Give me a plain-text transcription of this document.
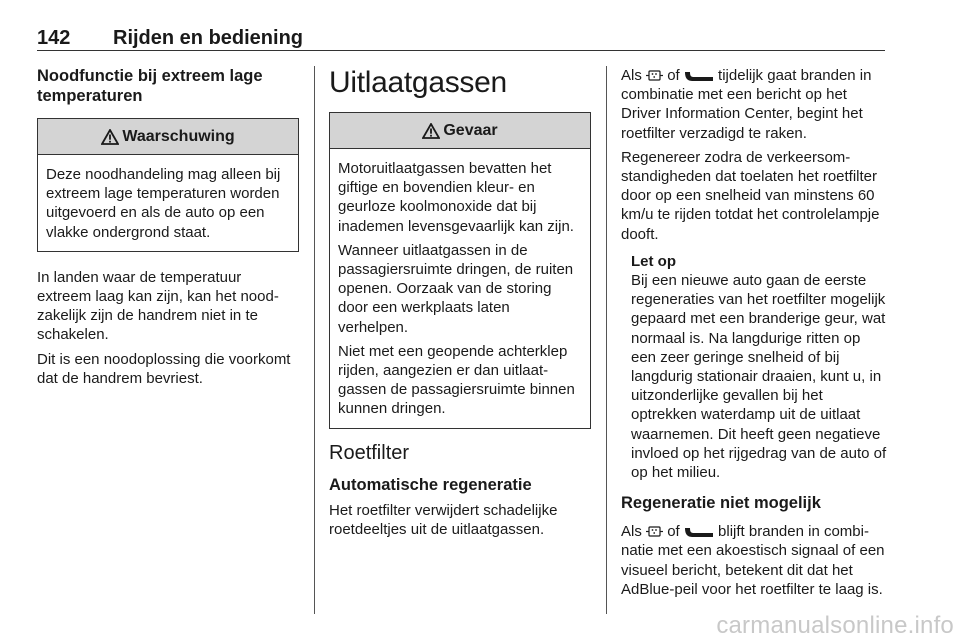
142 Rijden en bediening
Noodfunctie bij extreem lage temperaturen
Waarschuwing

Deze noodhandeling mag alleen bij extreem lage temperaturen worden uitgevoerd en als de auto op een vlakke ondergrond staat.

In landen waar de temperatuur extreem laag kan zijn, kan het noodzakelijk zijn de handrem niet in te schakelen.

Dit is een noodoplossing die voorkomt dat de handrem bevriest.

Uitlaatgassen
Gevaar

Motoruitlaatgassen bevatten het giftige en bovendien kleur- en geurloze koolmonoxide dat bij inademen levensgevaarlijk kan zijn.

Wanneer uitlaatgassen in de passagiersruimte dringen, de ruiten openen. Oorzaak van de storing door een werkplaats laten verhelpen.

Niet met een geopende achterklep rijden, aangezien er dan uitlaatgassen de passagiersruimte binnen kunnen dringen.

Roetfilter
Automatische regeneratie

Het roetfilter verwijdert schadelijke roetdeeltjes uit de uitlaatgassen.

Als of	tijdelijk gaat branden in combinatie met een bericht op het Driver Information Center, begint het roetfilter verzadigd te raken.

Regenereer zodra de verkeersomstandigheden dat toelaten het roetfilter door op een snelheid van minstens 60 km/u te rijden totdat het controlelampje dooft.

Let op

Bij een nieuwe auto gaan de eerste regeneraties van het roetfilter mogelijk gepaard met een branderige geur, wat normaal is. Na langdurige ritten op een zeer geringe snelheid of bij langdurig stationair draaien, kunt u, in uitzonderlijke gevallen bij het optrekken waterdamp uit de uitlaat waarnemen. Dit heeft geen negatieve invloed op het rijgedrag van de auto of op het milieu.

Regeneratie niet mogelijk

Als of	blijft branden in combinatie met een akoestisch signaal of een visueel bericht, betekent dit dat het AdBlue-peil voor het roetfilter te laag is.

carmanualsonline.info
